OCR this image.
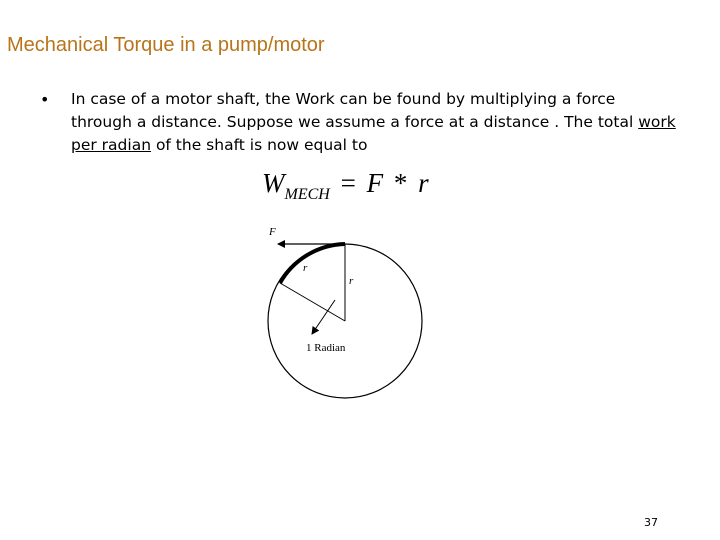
Mechanical Torque in a pump/motor
• In case of a motor shaft, the Work can be found by multiplying a force through a distance. Suppose we assume a force at a distance . The total work per radian of the shaft is now equal to
$W_{MECH} = F * r$
F
r
r
1 Radian
37
